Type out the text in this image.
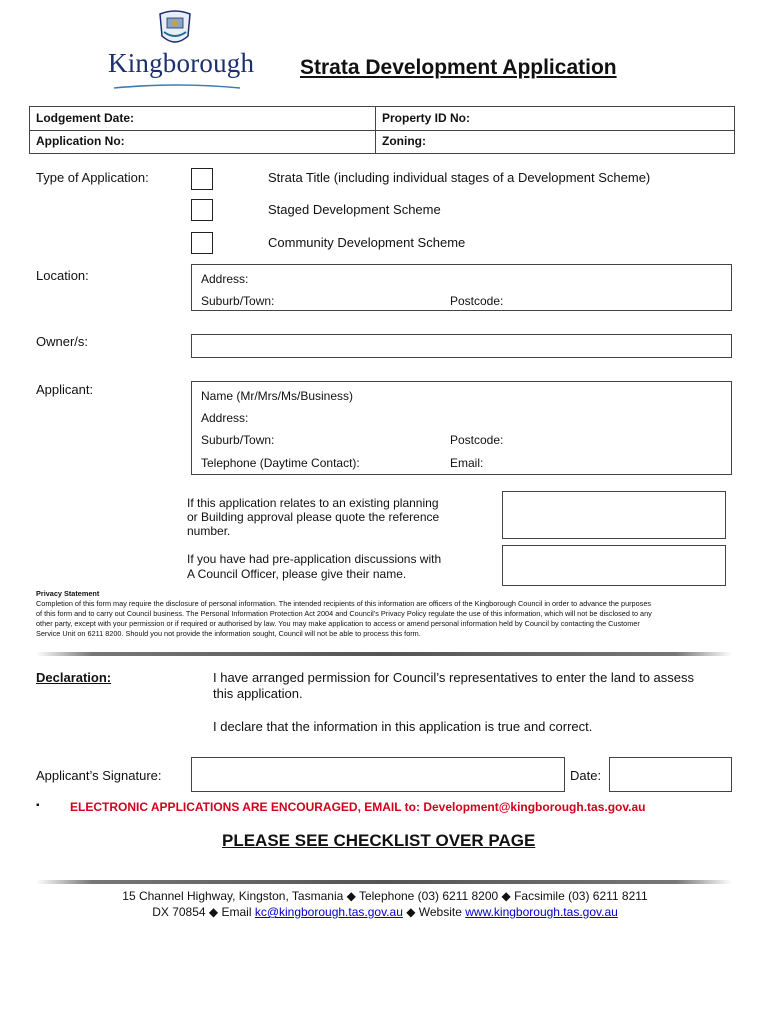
Kingborough Strata Development Application
Lodgement Date:	Property ID No:
Application No:	Zoning:
Type of Application:	Strata Title (including individual stages of a Development Scheme)
Staged Development Scheme
Community Development Scheme
Location:	Address:
Suburb/Town:	Postcode:
Owner/s:
Applicant:	Name (Mr/Mrs/Ms/Business)
Address:
Suburb/Town:	Postcode:
Telephone (Daytime Contact):	Email:
If this application relates to an existing planning
or Building approval please quote the reference
number.
If you have had pre-application discussions with
A Council Officer, please give their name.
Privacy Statement
Completion of this form may require the disclosure of personal information. The intended recipients of this information are officers of the Kingborough Council in order to advance the purposes
of this form and to carry out Council business. The Personal Information Protection Act 2004 and Council’s Privacy Policy regulate the use of this information, which will not be disclosed to any
other party, except with your permission or if required or authorised by law. You may make application to access or amend personal information held by Council by contacting the Customer
Service Unit on 6211 8200. Should you not provide the information sought, Council will not be able to process this form.
Declaration:	I have arranged permission for Council’s representatives to enter the land to assess
this application.
I declare that the information in this application is true and correct.
Applicant’s Signature:	Date:
▪	ELECTRONIC APPLICATIONS ARE ENCOURAGED, EMAIL to: Development@kingborough.tas.gov.au
PLEASE SEE CHECKLIST OVER PAGE
15 Channel Highway, Kingston, Tasmania ◆ Telephone (03) 6211 8200 ◆ Facsimile (03) 6211 8211
DX 70854 ◆ Email kc@kingborough.tas.gov.au ◆ Website www.kingborough.tas.gov.au
